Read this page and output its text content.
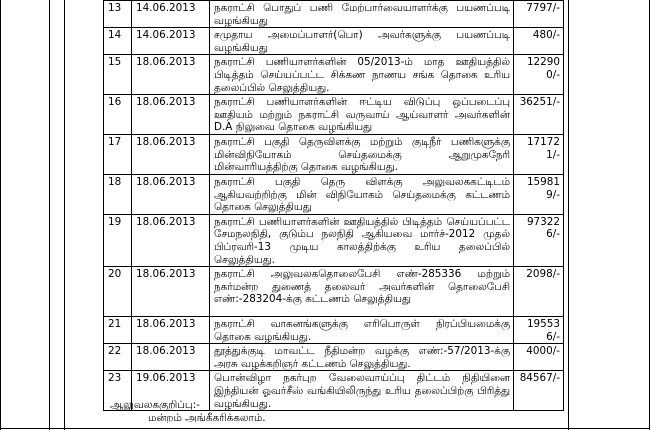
13	14.06.2013	நகராட்சி பொதுப் பணி மேற்பார்வையாளர்க்கு பயணப்படி வழங்கியது	7797/-
14	14.06.2013	சமுதாய அமைப்பாளர்(பொ) அவர்களுக்கு பயணப்படி வழங்கியது	480/-
15	18.06.2013	நகராட்சி பணியாளர்களின் 05/2013-ம் மாத ஊதியத்தில் பிடித்தம் செய்யப்பட்ட சிக்கண நாணய சங்க தொகை உரிய தலைப்பில் செலுத்தியது.	122900/-
16	18.06.2013	நகராட்சி பணியாளர்களின் ஈட்டிய விடுப்பு ஒப்படைப்பு ஊதியம் மற்றும் நகராட்சி வருவாய் ஆய்வாளர் அவர்களின் D.A நிலுவை தொகை வழங்கியது	36251/-
17	18.06.2013	நகராட்சி பகுதி தெருவிளக்கு மற்றும் குடிநீர் பணிகளுக்கு மின்விநியோகம் செய்தமைக்கு ஆறுமுகநேரி மின்வாரியத்திற்கு தொகை வழங்கியது.	171721/-
18	18.06.2013	நகராட்சி பகுதி தெரு விளக்கு அலுவலககட்டிடம் ஆகியவற்றிற்கு மின் விநியோகம் செய்தமைக்கு கட்டணம் தொகை செலுத்தியது	159819/-
19	18.06.2013	நகராட்சி பணியாளர்களின் ஊதியத்தில் பிடித்தம் செய்யப்பட்ட சேமநலநிதி, குடும்ப நலநிதி ஆகியவை மார்ச்-2012 முதல் பிப்ரவரி-13 முடிய காலத்திற்க்கு உரிய தலைப்பில் செலுத்தியது.	973226/-
20	18.06.2013	நகராட்சி அலுவலகதொலைபேசி எண்-285336 மற்றும் நகர்மன்ற துணைத் தலைவர் அவர்களின் தொலைபேசி எண்:-283204-க்கு கட்டணம் செலுத்தியது	2098/-
21	18.06.2013	நகராட்சி வாகனங்களுக்கு எரிபொருள் நிரப்பியமைக்கு தொகை வழங்கியது.	195536/-
22	18.06.2013	தூத்துக்குடி மாவட்ட நீதிமன்ற வழக்கு எண்:-57/2013-க்கு அரசு வழக்கறிஞர் கட்டணம் செலுத்தியது.	4000/-
23	19.06.2013	பொன்விழா நகர்புற வேலைவாய்ப்பு திட்டம் நிதியினை இந்தியன் ஓவர்சீஸ் வங்கியிலிருந்து உரிய தலைப்பிற்கு பிரித்து வழங்கியது.	84567/-
ஆலுவலககுறிப்பு:-
மன்றம் அங்கீகரிக்கலாம்.
